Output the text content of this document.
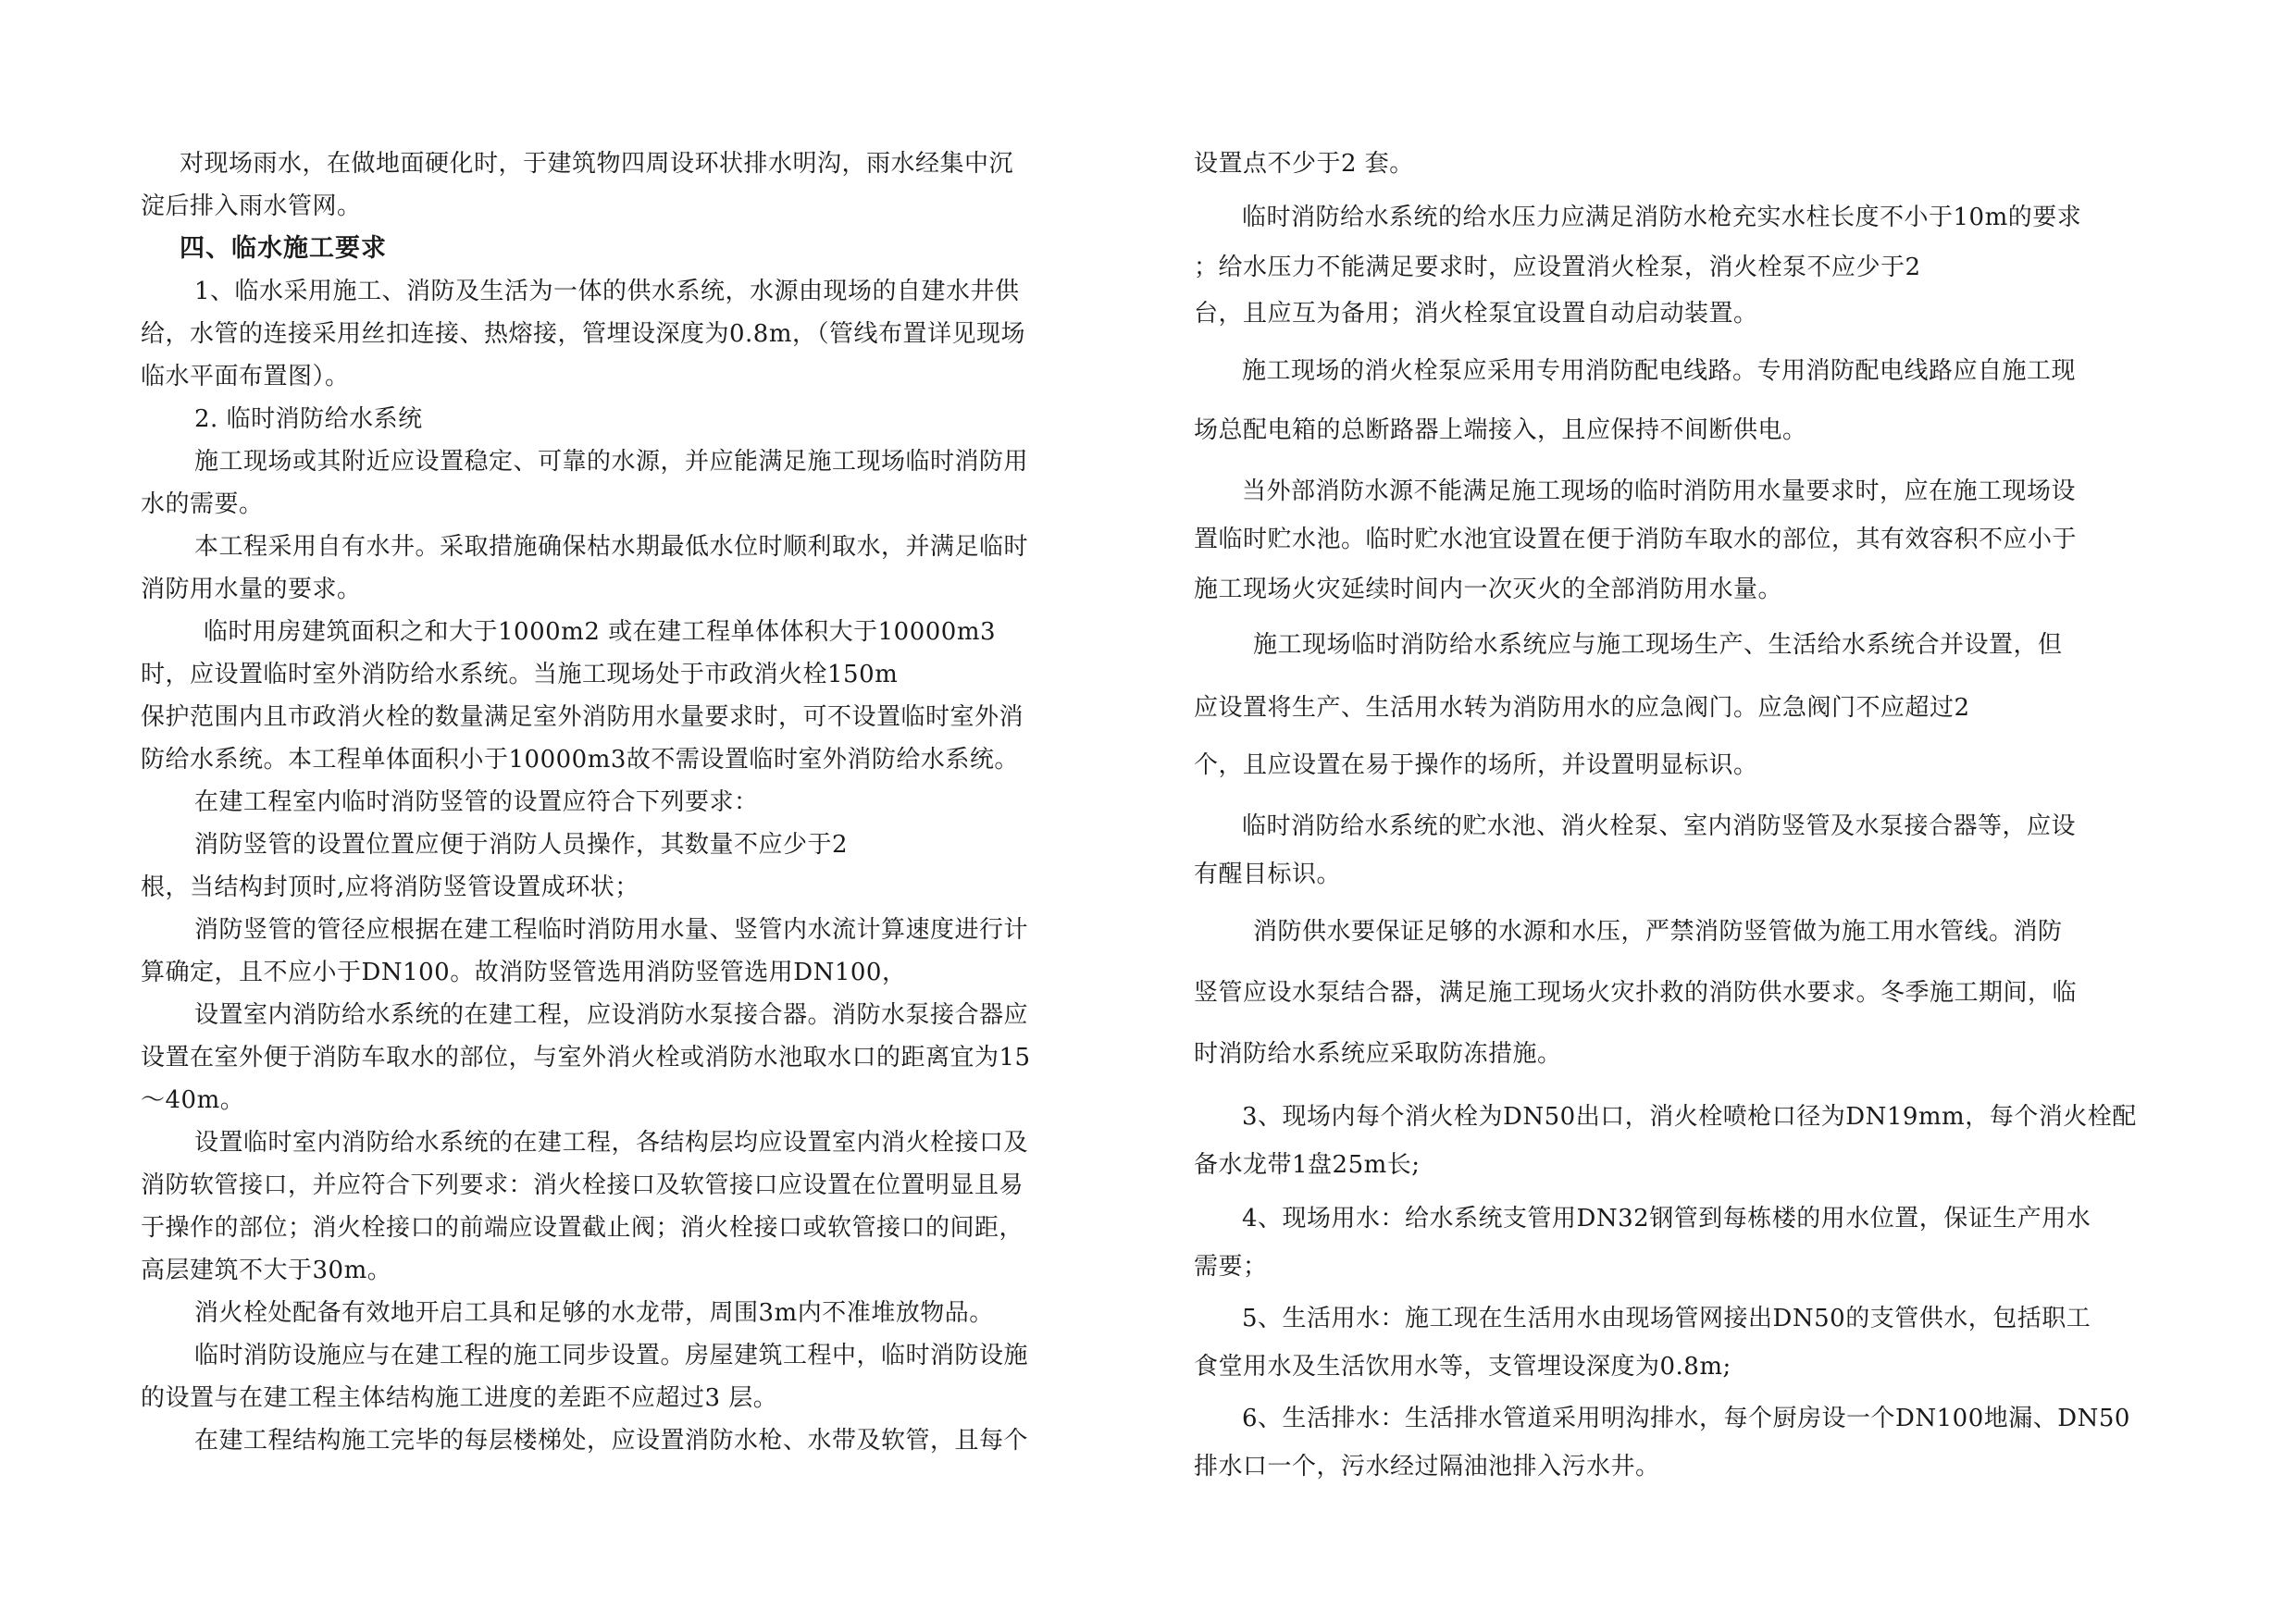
对现场雨水，在做地面硬化时，于建筑物四周设环状排水明沟，雨水经集中沉
淀后排入雨水管网。
四、临水施工要求
1、临水采用施工、消防及生活为一体的供水系统，水源由现场的自建水井供
给，水管的连接采用丝扣连接、热熔接，管埋设深度为0.8m，（管线布置详见现场
临水平面布置图）。
2. 临时消防给水系统
施工现场或其附近应设置稳定、可靠的水源，并应能满足施工现场临时消防用
水的需要。
本工程采用自有水井。采取措施确保枯水期最低水位时顺利取水，并满足临时
消防用水量的要求。
临时用房建筑面积之和大于1000m2 或在建工程单体体积大于10000m3
时，应设置临时室外消防给水系统。当施工现场处于市政消火栓150m
保护范围内且市政消火栓的数量满足室外消防用水量要求时，可不设置临时室外消
防给水系统。本工程单体面积小于10000m3故不需设置临时室外消防给水系统。
在建工程室内临时消防竖管的设置应符合下列要求：
消防竖管的设置位置应便于消防人员操作，其数量不应少于2
根，当结构封顶时,应将消防竖管设置成环状；
消防竖管的管径应根据在建工程临时消防用水量、竖管内水流计算速度进行计
算确定，且不应小于DN100。故消防竖管选用消防竖管选用DN100，
设置室内消防给水系统的在建工程，应设消防水泵接合器。消防水泵接合器应
设置在室外便于消防车取水的部位，与室外消火栓或消防水池取水口的距离宜为15
～40m。
设置临时室内消防给水系统的在建工程，各结构层均应设置室内消火栓接口及
消防软管接口，并应符合下列要求：消火栓接口及软管接口应设置在位置明显且易
于操作的部位；消火栓接口的前端应设置截止阀；消火栓接口或软管接口的间距，
高层建筑不大于30m。
消火栓处配备有效地开启工具和足够的水龙带，周围3m内不准堆放物品。
临时消防设施应与在建工程的施工同步设置。房屋建筑工程中，临时消防设施
的设置与在建工程主体结构施工进度的差距不应超过3 层。
在建工程结构施工完毕的每层楼梯处，应设置消防水枪、水带及软管，且每个
设置点不少于2 套。
临时消防给水系统的给水压力应满足消防水枪充实水柱长度不小于10m的要求
；给水压力不能满足要求时，应设置消火栓泵，消火栓泵不应少于2
台，且应互为备用；消火栓泵宜设置自动启动装置。
施工现场的消火栓泵应采用专用消防配电线路。专用消防配电线路应自施工现
场总配电箱的总断路器上端接入，且应保持不间断供电。
当外部消防水源不能满足施工现场的临时消防用水量要求时，应在施工现场设
置临时贮水池。临时贮水池宜设置在便于消防车取水的部位，其有效容积不应小于
施工现场火灾延续时间内一次灭火的全部消防用水量。
施工现场临时消防给水系统应与施工现场生产、生活给水系统合并设置，但
应设置将生产、生活用水转为消防用水的应急阀门。应急阀门不应超过2
个，且应设置在易于操作的场所，并设置明显标识。
临时消防给水系统的贮水池、消火栓泵、室内消防竖管及水泵接合器等，应设
有醒目标识。
消防供水要保证足够的水源和水压，严禁消防竖管做为施工用水管线。消防
竖管应设水泵结合器，满足施工现场火灾扑救的消防供水要求。冬季施工期间，临
时消防给水系统应采取防冻措施。
3、现场内每个消火栓为DN50出口，消火栓喷枪口径为DN19mm，每个消火栓配
备水龙带1盘25m长;
4、现场用水：给水系统支管用DN32钢管到每栋楼的用水位置，保证生产用水
需要；
5、生活用水：施工现在生活用水由现场管网接出DN50的支管供水，包括职工
食堂用水及生活饮用水等，支管埋设深度为0.8m;
6、生活排水：生活排水管道采用明沟排水，每个厨房设一个DN100地漏、DN50
排水口一个，污水经过隔油池排入污水井。
